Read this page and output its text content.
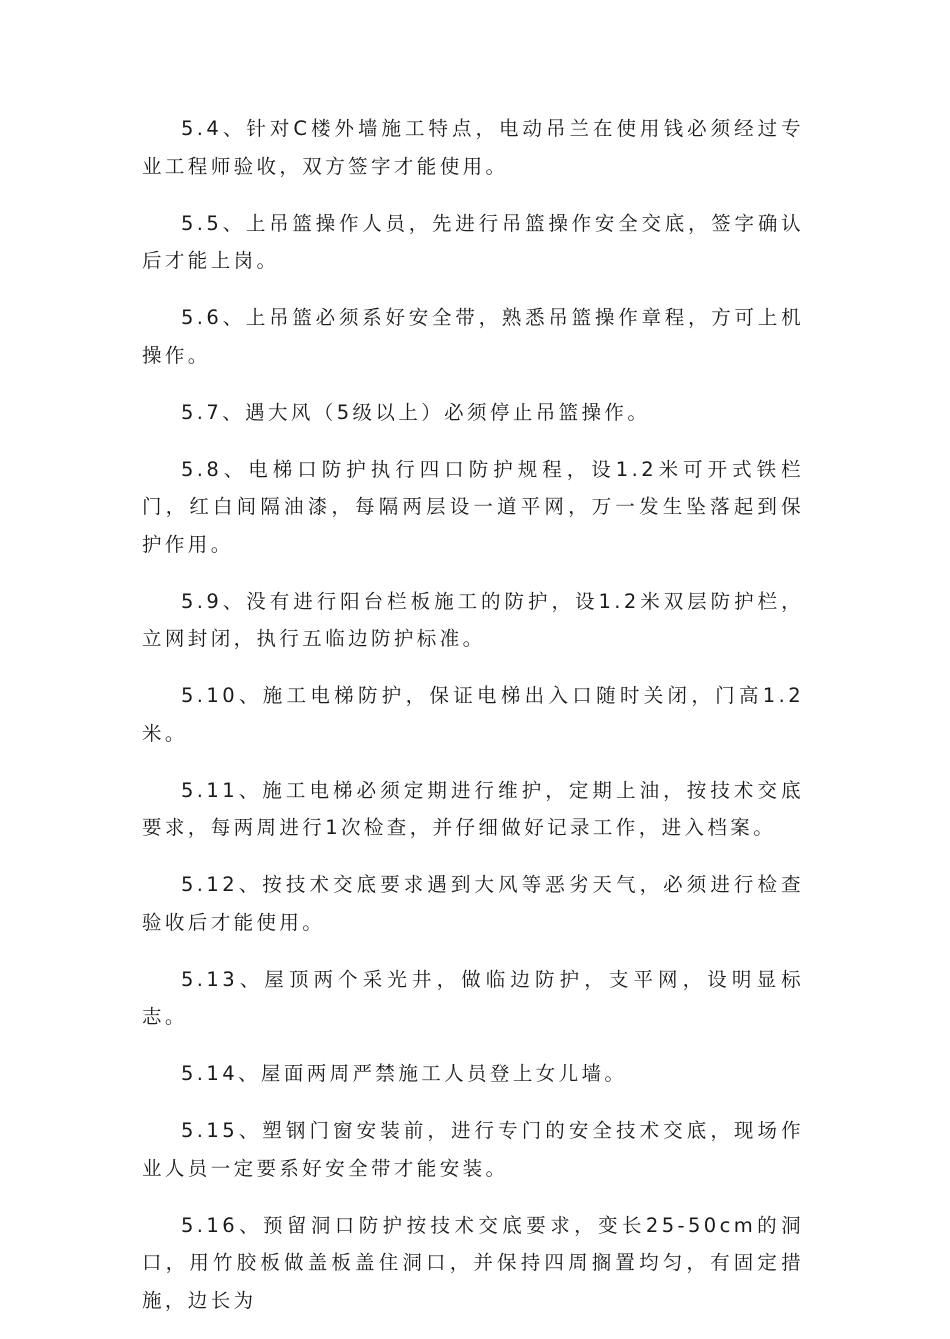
5.4、针对C楼外墙施工特点，电动吊兰在使用钱必须经过专业工程师验收，双方签字才能使用。

5.5、上吊篮操作人员，先进行吊篮操作安全交底，签字确认后才能上岗。

5.6、上吊篮必须系好安全带，熟悉吊篮操作章程，方可上机操作。

5.7、遇大风（5级以上）必须停止吊篮操作。

5.8、电梯口防护执行四口防护规程，设1.2米可开式铁栏门，红白间隔油漆，每隔两层设一道平网，万一发生坠落起到保护作用。

5.9、没有进行阳台栏板施工的防护，设1.2米双层防护栏，立网封闭，执行五临边防护标准。

5.10、施工电梯防护，保证电梯出入口随时关闭，门高1.2米。

5.11、施工电梯必须定期进行维护，定期上油，按技术交底要求，每两周进行1次检查，并仔细做好记录工作，进入档案。

5.12、按技术交底要求遇到大风等恶劣天气，必须进行检查验收后才能使用。

5.13、屋顶两个采光井，做临边防护，支平网，设明显标志。

5.14、屋面两周严禁施工人员登上女儿墙。

5.15、塑钢门窗安装前，进行专门的安全技术交底，现场作业人员一定要系好安全带才能安装。

5.16、预留洞口防护按技术交底要求，变长25-50cm的洞口，用竹胶板做盖板盖住洞口，并保持四周搁置均匀，有固定措施，边长为
